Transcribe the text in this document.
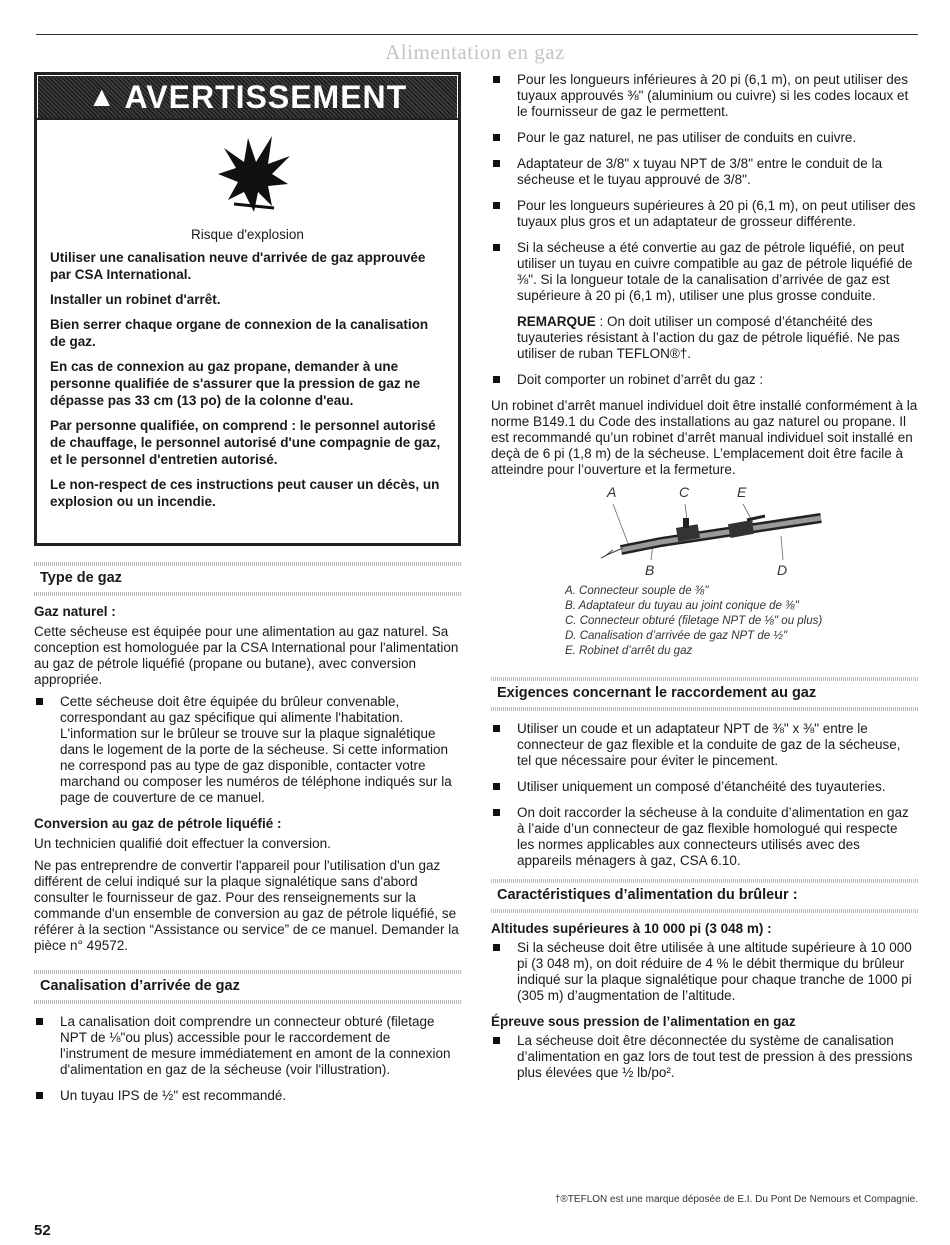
Alimentation en gaz
▲ AVERTISSEMENT
Risque d'explosion

Utiliser une canalisation neuve d'arrivée de gaz approuvée par CSA International.

Installer un robinet d'arrêt.

Bien serrer chaque organe de connexion de la canalisation de gaz.

En cas de connexion au gaz propane, demander à une personne qualifiée de s'assurer que la pression de gaz ne dépasse pas 33 cm (13 po) de la colonne d'eau.

Par personne qualifiée, on comprend : le personnel autorisé de chauffage, le personnel autorisé d'une compagnie de gaz, et le personnel d'entretien autorisé.

Le non-respect de ces instructions peut causer un décès, un explosion ou un incendie.

Type de gaz
Gaz naturel :

Cette sécheuse est équipée pour une alimentation au gaz naturel. Sa conception est homologuée par la CSA International pour l'alimentation au gaz de pétrole liquéfié (propane ou butane), avec conversion appropriée.

Cette sécheuse doit être équipée du brûleur convenable, correspondant au gaz spécifique qui alimente l'habitation. L'information sur le brûleur se trouve sur la plaque signalétique dans le logement de la porte de la sécheuse. Si cette information ne correspond pas au type de gaz disponible, contacter votre marchand ou composer les numéros de téléphone indiqués sur la page de couverture de ce manuel.
Conversion au gaz de pétrole liquéfié :

Un technicien qualifié doit effectuer la conversion.

Ne pas entreprendre de convertir l'appareil pour l'utilisation d'un gaz différent de celui indiqué sur la plaque signalétique sans d'abord consulter le fournisseur de gaz. Pour des renseignements sur la commande d'un ensemble de conversion au gaz de pétrole liquéfié, se référer à la section “Assistance ou service” de ce manuel. Demander la pièce n° 49572.

Canalisation d’arrivée de gaz
La canalisation doit comprendre un connecteur obturé (filetage NPT de ⅛"ou plus) accessible pour le raccordement de l'instrument de mesure immédiatement en amont de la connexion d'alimentation en gaz de la sécheuse (voir l'illustration).
Un tuyau IPS de ½" est recommandé.
Pour les longueurs inférieures à 20 pi (6,1 m), on peut utiliser des tuyaux approuvés ⅜" (aluminium ou cuivre) si les codes locaux et le fournisseur de gaz le permettent.
Pour le gaz naturel, ne pas utiliser de conduits en cuivre.
Adaptateur de 3/8" x tuyau NPT de 3/8" entre le conduit de la sécheuse et le tuyau approuvé de 3/8".
Pour les longueurs supérieures à 20 pi (6,1 m), on peut utiliser des tuyaux plus gros et un adaptateur de grosseur différente.
Si la sécheuse a été convertie au gaz de pétrole liquéfié, on peut utiliser un tuyau en cuivre compatible au gaz de pétrole liquéfié de ⅜". Si la longueur totale de la canalisation d’arrivée de gaz est supérieure à 20 pi (6,1 m), utiliser une plus grosse conduite.
REMARQUE : On doit utiliser un composé d’étanchéité des tuyauteries résistant à l’action du gaz de pétrole liquéfié. Ne pas utiliser de ruban TEFLON®†.
Doit comporter un robinet d’arrêt du gaz :

Un robinet d’arrêt manuel individuel doit être installé conformément à la norme B149.1 du Code des installations au gaz naturel ou propane. Il est recommandé qu’un robinet d’arrêt manual individuel soit installé en deçà de 6 pi (1,8 m) de la sécheuse. L’emplacement doit être facile à atteindre pour l’ouverture et la fermeture.

A	C	E
B	D
A. Connecteur souple de ⅜"
B. Adaptateur du tuyau au joint conique de ⅜"
C. Connecteur obturé (filetage NPT de ⅛" ou plus)
D. Canalisation d’arrivée de gaz NPT de ½"
E. Robinet d’arrêt du gaz
Exigences concernant le raccordement au gaz
Utiliser un coude et un adaptateur NPT de ⅜" x ⅜" entre le connecteur de gaz flexible et la conduite de gaz de la sécheuse, tel que nécessaire pour éviter le pincement.
Utiliser uniquement un composé d’étanchéité des tuyauteries.
On doit raccorder la sécheuse à la conduite d’alimentation en gaz à l’aide d’un connecteur de gaz flexible homologué qui respecte les normes applicables aux connecteurs utilisés avec des appareils ménagers à gaz, CSA 6.10.
Caractéristiques d’alimentation du brûleur :
Altitudes supérieures à 10 000 pi (3 048 m) :
Si la sécheuse doit être utilisée à une altitude supérieure à 10 000 pi (3 048 m), on doit réduire de 4 % le débit thermique du brûleur indiqué sur la plaque signalétique pour chaque tranche de 1000 pi (305 m) d’augmentation de l’altitude.
Épreuve sous pression de l’alimentation en gaz
La sécheuse doit être déconnectée du système de canalisation d’alimentation en gaz lors de tout test de pression à des pressions plus élevées que ½ lb/po².
†®TEFLON est une marque déposée de E.I. Du Pont De Nemours et Compagnie.
52
